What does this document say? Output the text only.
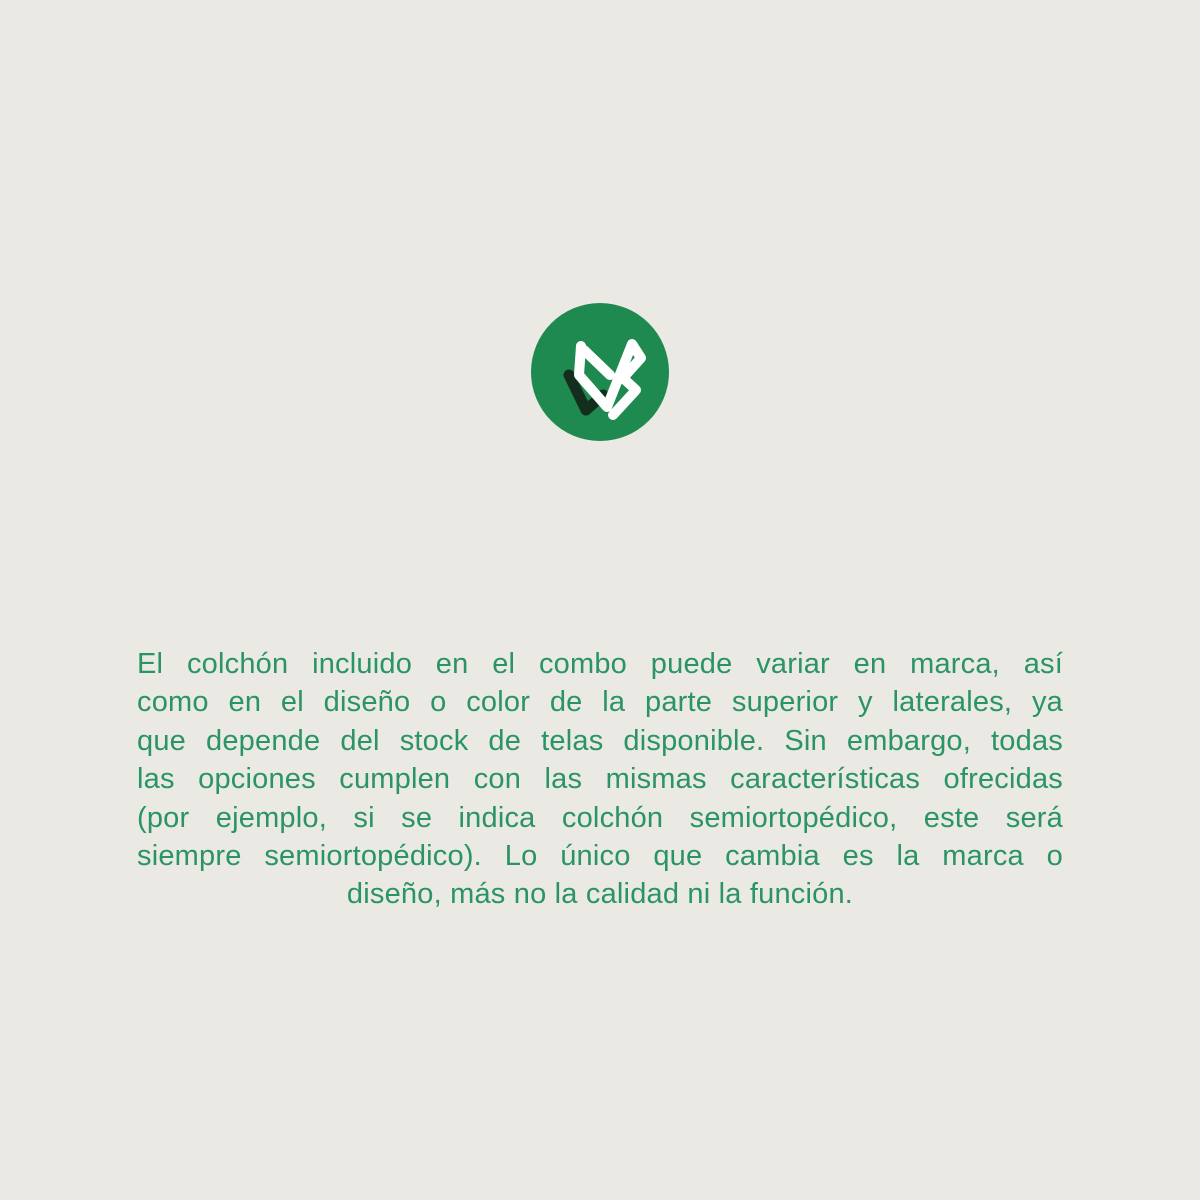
El colchón incluido en el combo puede variar en marca, así
como en el diseño o color de la parte superior y laterales, ya
que depende del stock de telas disponible. Sin embargo, todas
las opciones cumplen con las mismas características ofrecidas
(por ejemplo, si se indica colchón semiortopédico, este será
siempre semiortopédico). Lo único que cambia es la marca o
diseño, más no la calidad ni la función.
